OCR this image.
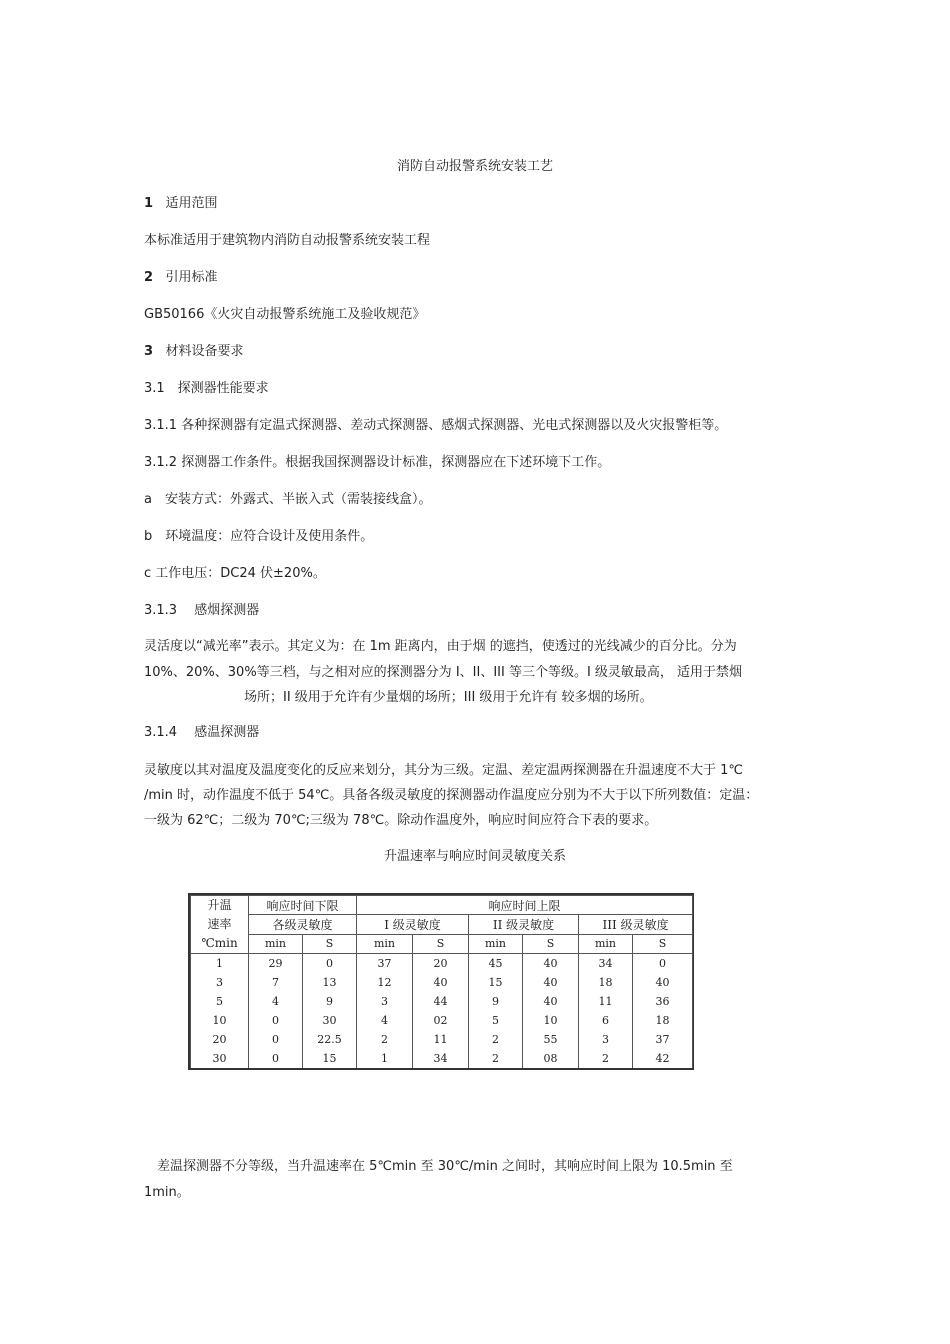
消防自动报警系统安装工艺
1 适用范围
本标准适用于建筑物内消防自动报警系统安装工程
2 引用标准
GB50166《火灾自动报警系统施工及验收规范》
3 材料设备要求
3.1　探测器性能要求
3.1.1 各种探测器有定温式探测器、差动式探测器、感烟式探测器、光电式探测器以及火灾报警柜等。
3.1.2 探测器工作条件。根据我国探测器设计标准，探测器应在下述环境下工作。
a　安装方式：外露式、半嵌入式（需装接线盒）。
b　环境温度：应符合设计及使用条件。
c 工作电压：DC24 伏±20%。
3.1.3　 感烟探测器
灵活度以“减光率”表示。其定义为：在 1m 距离内，由于烟 的遮挡，使透过的光线减少的百分比。分为
10%、20%、30%等三档，与之相对应的探测器分为 I、II、III 等三个等级。I 级灵敏最高， 适用于禁烟
场所；II 级用于允许有少量烟的场所；III 级用于允许有 较多烟的场所。
3.1.4　 感温探测器
灵敏度以其对温度及温度变化的反应来划分，其分为三级。定温、差定温两探测器在升温速度不大于 1℃
/min 时，动作温度不低于 54℃。具备各级灵敏度的探测器动作温度应分别为不大于以下所列数值：定温：
一级为 62℃；二级为 70℃;三级为 78℃。除动作温度外，响应时间应符合下表的要求。
升温速率与响应时间灵敏度关系
升温
速率
℃min	响应时间下限		响应时间上限					
	各级灵敏度		I 级灵敏度		II 级灵敏度		III 级灵敏度	
	min	S	min	S	min	S	min	S
1	29	0	37	20	45	40	34	0
3	7	13	12	40	15	40	18	40
5	4	9	3	44	9	40	11	36
10	0	30	4	02	5	10	6	18
20	0	22.5	2	11	2	55	3	37
30	0	15	1	34	2	08	2	42
　差温探测器不分等级，当升温速率在 5℃min 至 30℃/min 之间时，其响应时间上限为 10.5min 至
1min。
